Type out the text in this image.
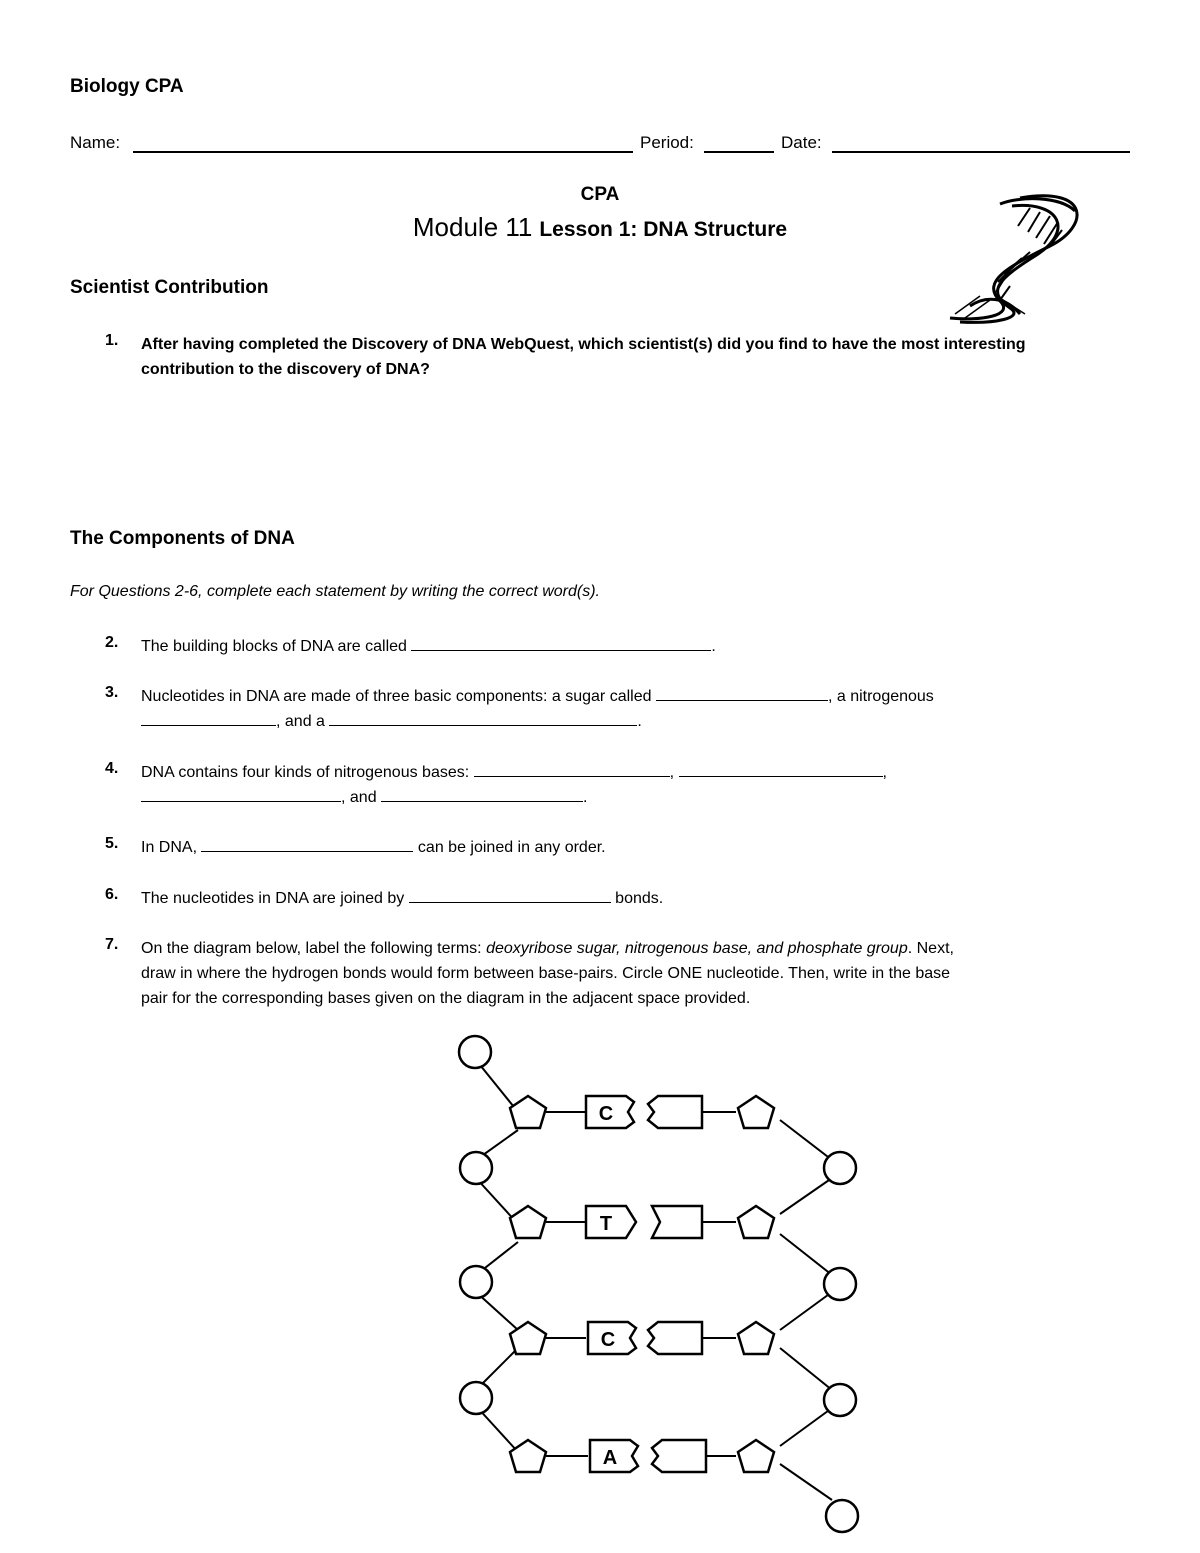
Biology CPA
Name:	Period:	Date:
CPA
Module 11 Lesson 1: DNA Structure
Scientist Contribution
1. After having completed the Discovery of DNA WebQuest, which scientist(s) did you find to have the most interesting
contribution to the discovery of DNA?
The Components of DNA
For Questions 2-6, complete each statement by writing the correct word(s).
2. The building blocks of DNA are called	.
3. Nucleotides in DNA are made of three basic components: a sugar called	, a nitrogenous
, and a	.
4. DNA contains four kinds of nitrogenous bases:	,	,
, and	.
5. In DNA,	can be joined in any order.
6. The nucleotides in DNA are joined by	bonds.
7. On the diagram below, label the following terms: deoxyribose sugar, nitrogenous base, and phosphate group. Next,
draw in where the hydrogen bonds would form between base-pairs. Circle ONE nucleotide. Then, write in the base
pair for the corresponding bases given on the diagram in the adjacent space provided.
C
T
C
A
